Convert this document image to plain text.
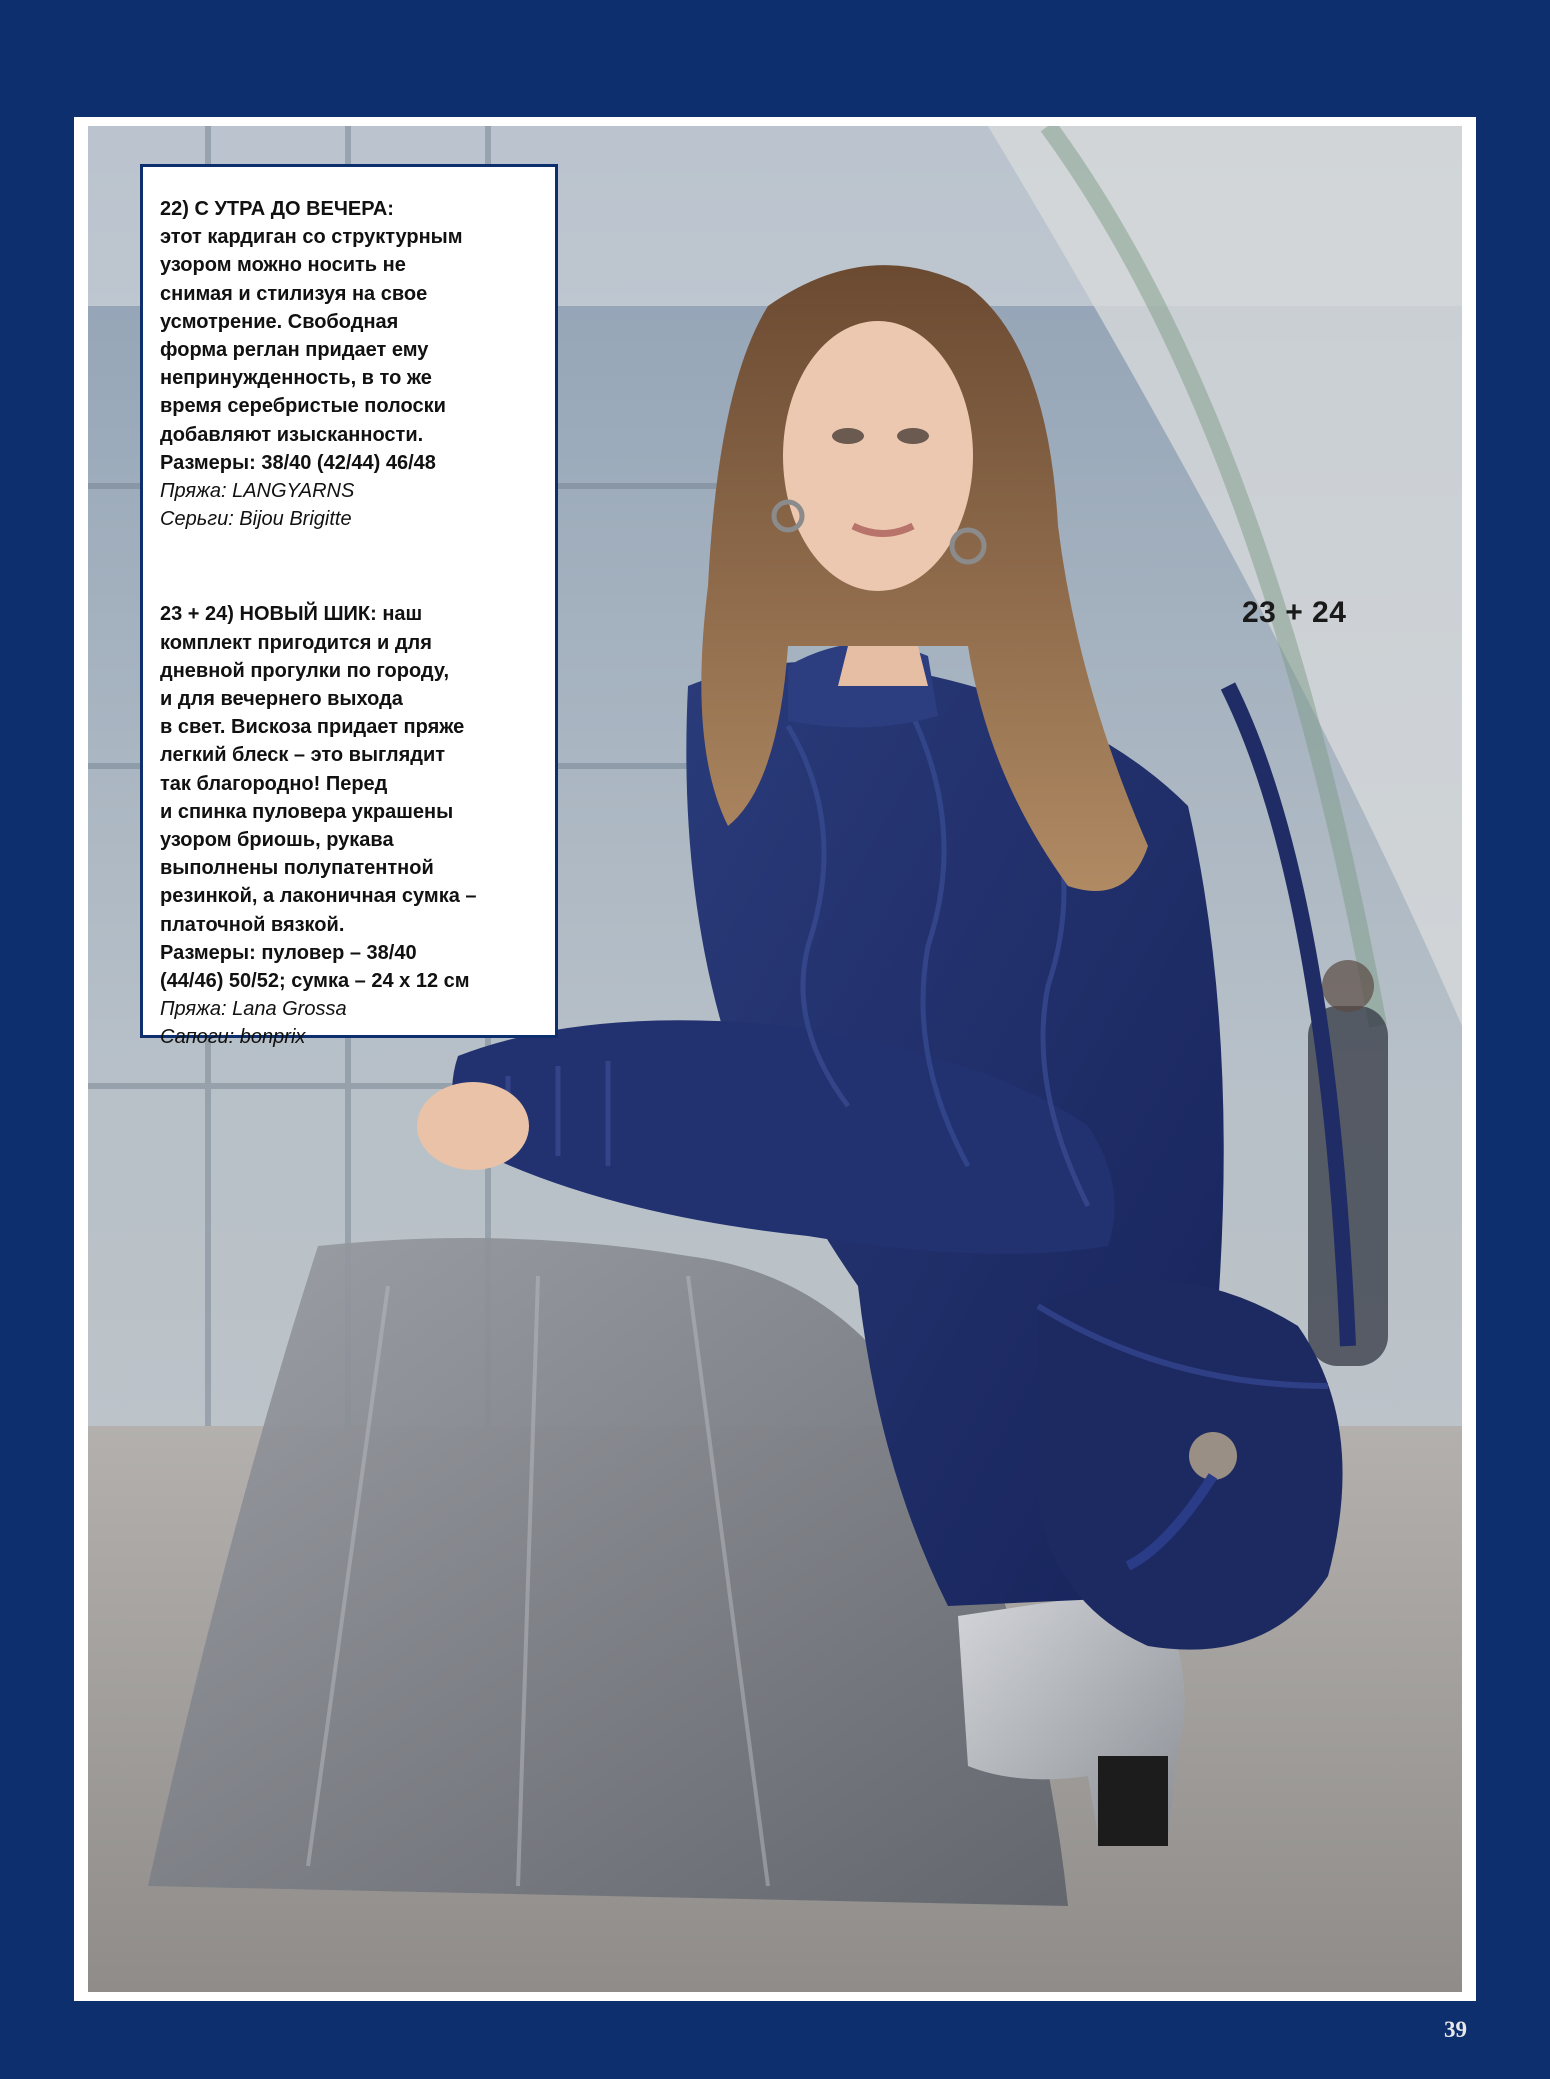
22) С УТРА ДО ВЕЧЕРА:
этот кардиган со структурным
узором можно носить не
снимая и стилизуя на свое
усмотрение. Свободная
форма реглан придает ему
непринужденность, в то же
время серебристые полоски
добавляют изысканности.
Размеры: 38/40 (42/44) 46/48
Пряжа: LANGYARNS
Серьги: Bijou Brigitte
23 + 24) НОВЫЙ ШИК: наш
комплект пригодится и для
дневной прогулки по городу,
и для вечернего выхода
в свет. Вискоза придает пряже
легкий блеск – это выглядит
так благородно! Перед
и спинка пуловера украшены
узором бриошь, рукава
выполнены полупатентной
резинкой, а лаконичная сумка –
платочной вязкой.
Размеры: пуловер – 38/40
(44/46) 50/52; сумка – 24 х 12 см
Пряжа: Lana Grossa
Сапоги: bonprix
23 + 24
39
